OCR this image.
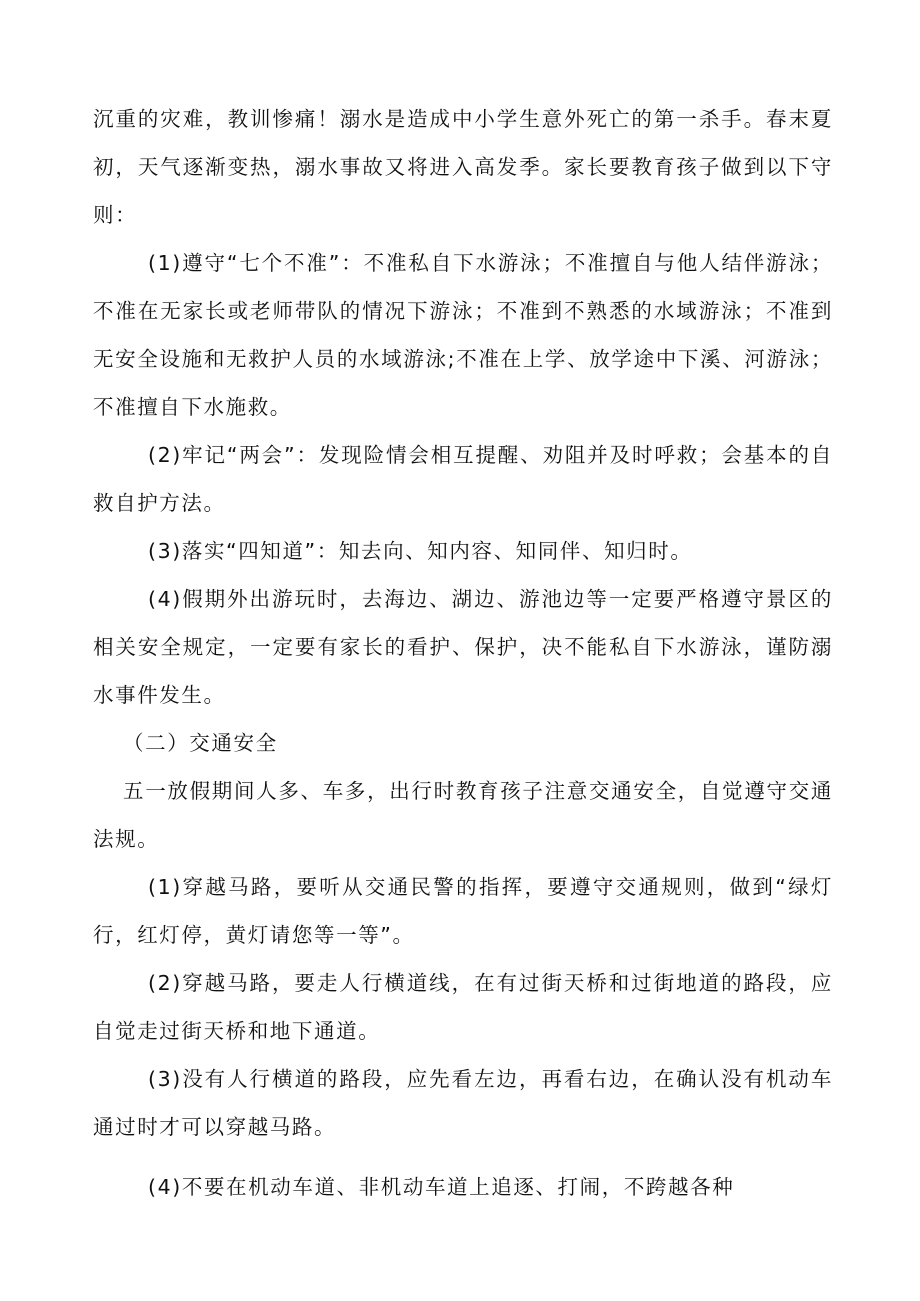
沉重的灾难，教训惨痛！溺水是造成中小学生意外死亡的第一杀手。春末夏初，天气逐渐变热，溺水事故又将进入高发季。家长要教育孩子做到以下守则：

(1)遵守“七个不准”：不准私自下水游泳；不准擅自与他人结伴游泳；不准在无家长或老师带队的情况下游泳；不准到不熟悉的水域游泳；不准到无安全设施和无救护人员的水域游泳;不准在上学、放学途中下溪、河游泳；不准擅自下水施救。

(2)牢记“两会”：发现险情会相互提醒、劝阻并及时呼救；会基本的自救自护方法。

(3)落实“四知道”：知去向、知内容、知同伴、知归时。

(4)假期外出游玩时，去海边、湖边、游池边等一定要严格遵守景区的相关安全规定，一定要有家长的看护、保护，决不能私自下水游泳，谨防溺水事件发生。

（二）交通安全

五一放假期间人多、车多，出行时教育孩子注意交通安全，自觉遵守交通法规。

(1)穿越马路，要听从交通民警的指挥，要遵守交通规则，做到“绿灯行，红灯停，黄灯请您等一等”。

(2)穿越马路，要走人行横道线，在有过街天桥和过街地道的路段，应自觉走过街天桥和地下通道。

(3)没有人行横道的路段，应先看左边，再看右边，在确认没有机动车通过时才可以穿越马路。

(4)不要在机动车道、非机动车道上追逐、打闹，不跨越各种
